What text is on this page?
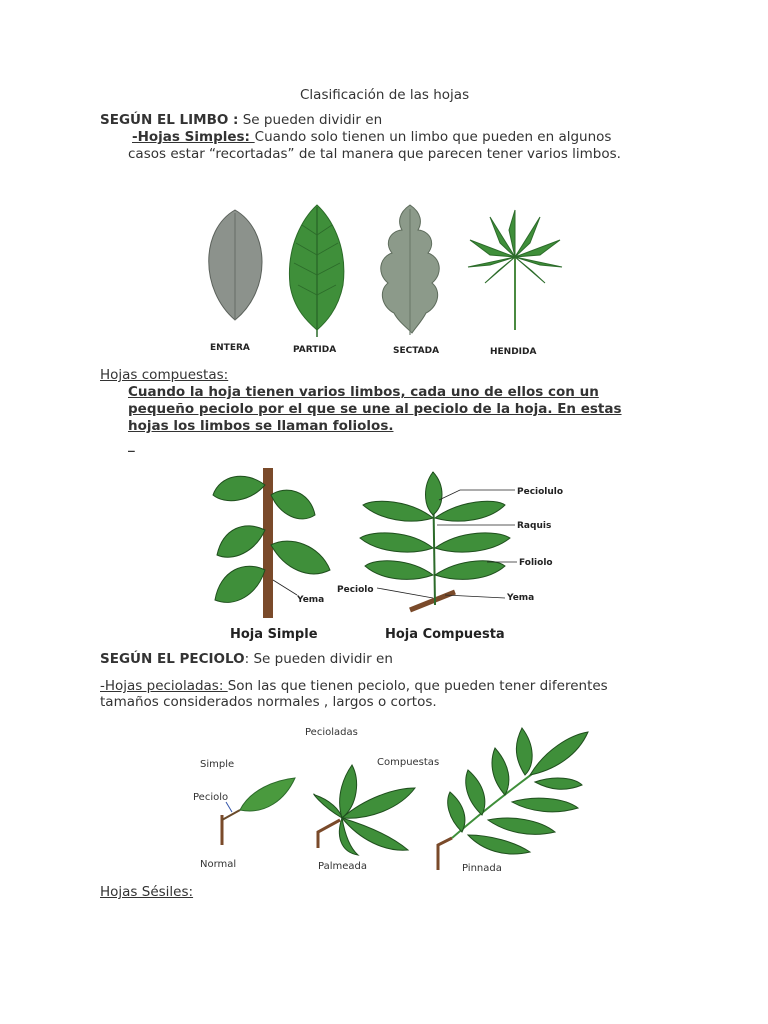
Clasificación de las hojas
SEGÚN EL LIMBO : Se pueden dividir en
-Hojas Simples: Cuando solo tienen un limbo que pueden en algunos
casos estar “recortadas” de tal manera que parecen tener varios limbos.
ENTERA	PARTIDA	SECTADA	HENDIDA
Hojas compuestas:
Cuando la hoja tienen varios limbos, cada uno de ellos con un
pequeño peciolo por el que se une al peciolo de la hoja. En estas
hojas los limbos se llaman foliolos.
_
Yema
Peciolulo
Raquis
Foliolo
Peciolo
Yema
Hoja Simple	Hoja Compuesta
SEGÚN EL PECIOLO: Se pueden dividir en
-Hojas pecioladas: Son las que tienen peciolo, que pueden tener diferentes
tamaños considerados normales , largos o cortos.
Pecioladas
Simple
Peciolo
Compuestas
Normal	Palmeada	Pinnada
Hojas Sésiles:
